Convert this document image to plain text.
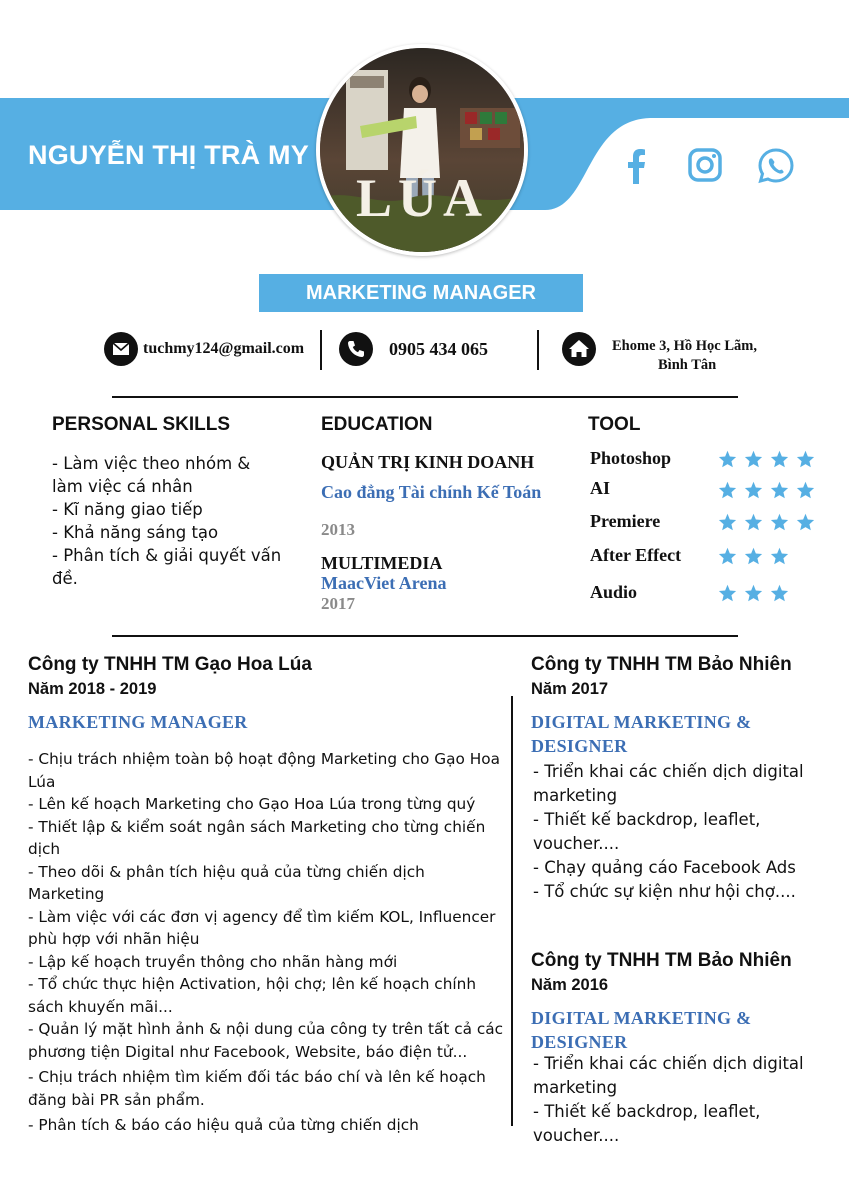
NGUYỄN THỊ TRÀ MY
LÚA
MARKETING MANAGER
tuchmy124@gmail.com	0905 434 065	Ehome 3, Hồ Học Lãm,
Bình Tân
PERSONAL SKILLS
- Làm việc theo nhóm & làm việc cá nhân
- Kĩ năng giao tiếp
- Khả năng sáng tạo
- Phân tích & giải quyết vấn đề.
EDUCATION
QUẢN TRỊ KINH DOANH
Cao đẳng Tài chính Kế Toán
2013
MULTIMEDIA
MaacViet Arena
2017
TOOL
Photoshop
AI
Premiere
After Effect
Audio
Công ty TNHH TM Gạo Hoa Lúa
Năm 2018 - 2019
MARKETING MANAGER
- Chịu trách nhiệm toàn bộ hoạt động Marketing cho Gạo Hoa Lúa
- Lên kế hoạch Marketing cho Gạo Hoa Lúa trong từng quý
- Thiết lập & kiểm soát ngân sách Marketing cho từng chiến dịch
- Theo dõi & phân tích hiệu quả của từng chiến dịch Marketing
- Làm việc với các đơn vị agency để tìm kiếm KOL, Influencer phù hợp với nhãn hiệu
- Lập kế hoạch truyền thông cho nhãn hàng mới
- Tổ chức thực hiện Activation, hội chợ; lên kế hoạch chính sách khuyến mãi...
- Quản lý mặt hình ảnh & nội dung của công ty trên tất cả các phương tiện Digital như Facebook, Website, báo điện tử...
- Chịu trách nhiệm tìm kiếm đối tác báo chí và lên kế hoạch đăng bài PR sản phẩm.
- Phân tích & báo cáo hiệu quả của từng chiến dịch
Công ty TNHH TM Bảo Nhiên
Năm 2017
DIGITAL MARKETING & DESIGNER
- Triển khai các chiến dịch digital marketing
- Thiết kế backdrop, leaflet, voucher....
- Chạy quảng cáo Facebook Ads
- Tổ chức sự kiện như hội chợ....
Công ty TNHH TM Bảo Nhiên
Năm 2016
DIGITAL MARKETING & DESIGNER
- Triển khai các chiến dịch digital marketing
- Thiết kế backdrop, leaflet, voucher....
